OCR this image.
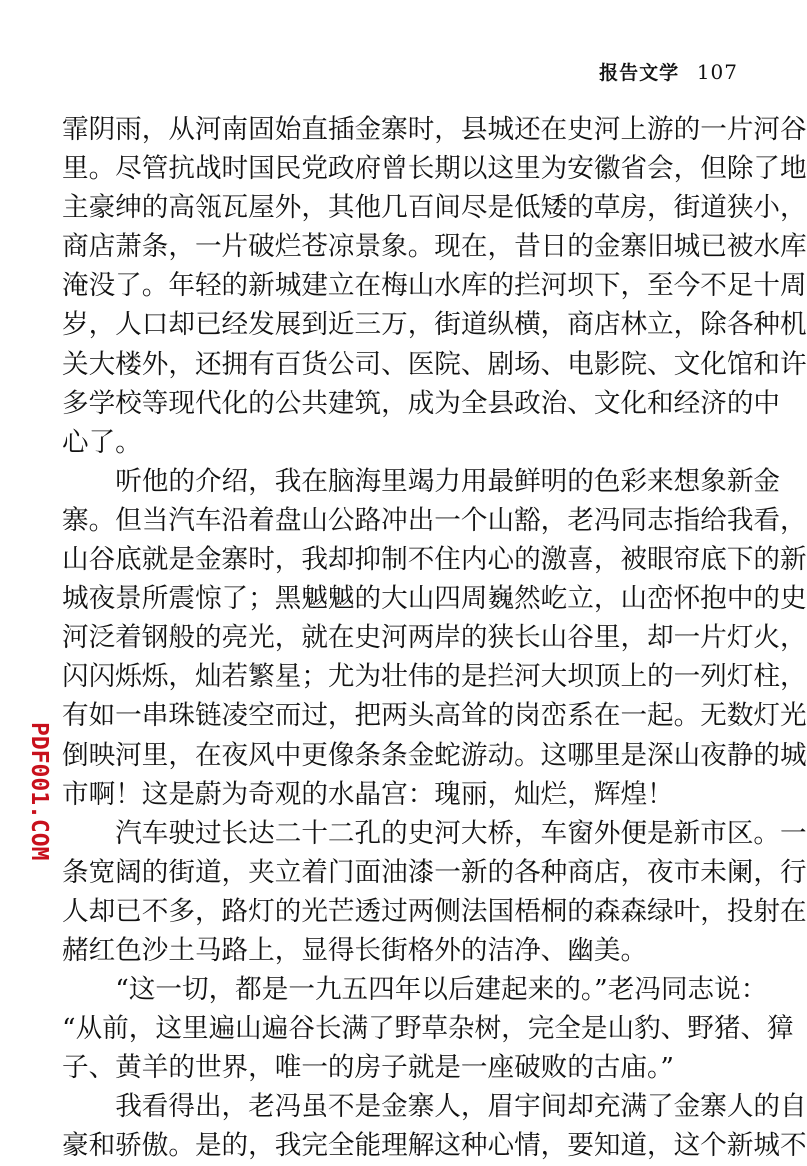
报告文学 107
PDF001.COM
霏阴雨，从河南固始直插金寨时，县城还在史河上游的一片河谷
里。尽管抗战时国民党政府曾长期以这里为安徽省会，但除了地
主豪绅的高瓴瓦屋外，其他几百间尽是低矮的草房，街道狭小，
商店萧条，一片破烂苍凉景象。现在，昔日的金寨旧城已被水库
淹没了。年轻的新城建立在梅山水库的拦河坝下，至今不足十周
岁，人口却已经发展到近三万，街道纵横，商店林立，除各种机
关大楼外，还拥有百货公司、医院、剧场、电影院、文化馆和许
多学校等现代化的公共建筑，成为全县政治、文化和经济的中
心了。
听他的介绍，我在脑海里竭力用最鲜明的色彩来想象新金
寨。但当汽车沿着盘山公路冲出一个山豁，老冯同志指给我看，
山谷底就是金寨时，我却抑制不住内心的激喜，被眼帘底下的新
城夜景所震惊了；黑魆魆的大山四周巍然屹立，山峦怀抱中的史
河泛着钢般的亮光，就在史河两岸的狭长山谷里，却一片灯火，
闪闪烁烁，灿若繁星；尤为壮伟的是拦河大坝顶上的一列灯柱，
有如一串珠链凌空而过，把两头高耸的岗峦系在一起。无数灯光
倒映河里，在夜风中更像条条金蛇游动。这哪里是深山夜静的城
市啊！这是蔚为奇观的水晶宫：瑰丽，灿烂，辉煌！
汽车驶过长达二十二孔的史河大桥，车窗外便是新市区。一
条宽阔的街道，夹立着门面油漆一新的各种商店，夜市未阑，行
人却已不多，路灯的光芒透过两侧法国梧桐的森森绿叶，投射在
赭红色沙土马路上，显得长街格外的洁净、幽美。
“这一切，都是一九五四年以后建起来的。”老冯同志说：
“从前，这里遍山遍谷长满了野草杂树，完全是山豹、野猪、獐
子、黄羊的世界，唯一的房子就是一座破败的古庙。”
我看得出，老冯虽不是金寨人，眉宇间却充满了金寨人的自
豪和骄傲。是的，我完全能理解这种心情，要知道，这个新城不
